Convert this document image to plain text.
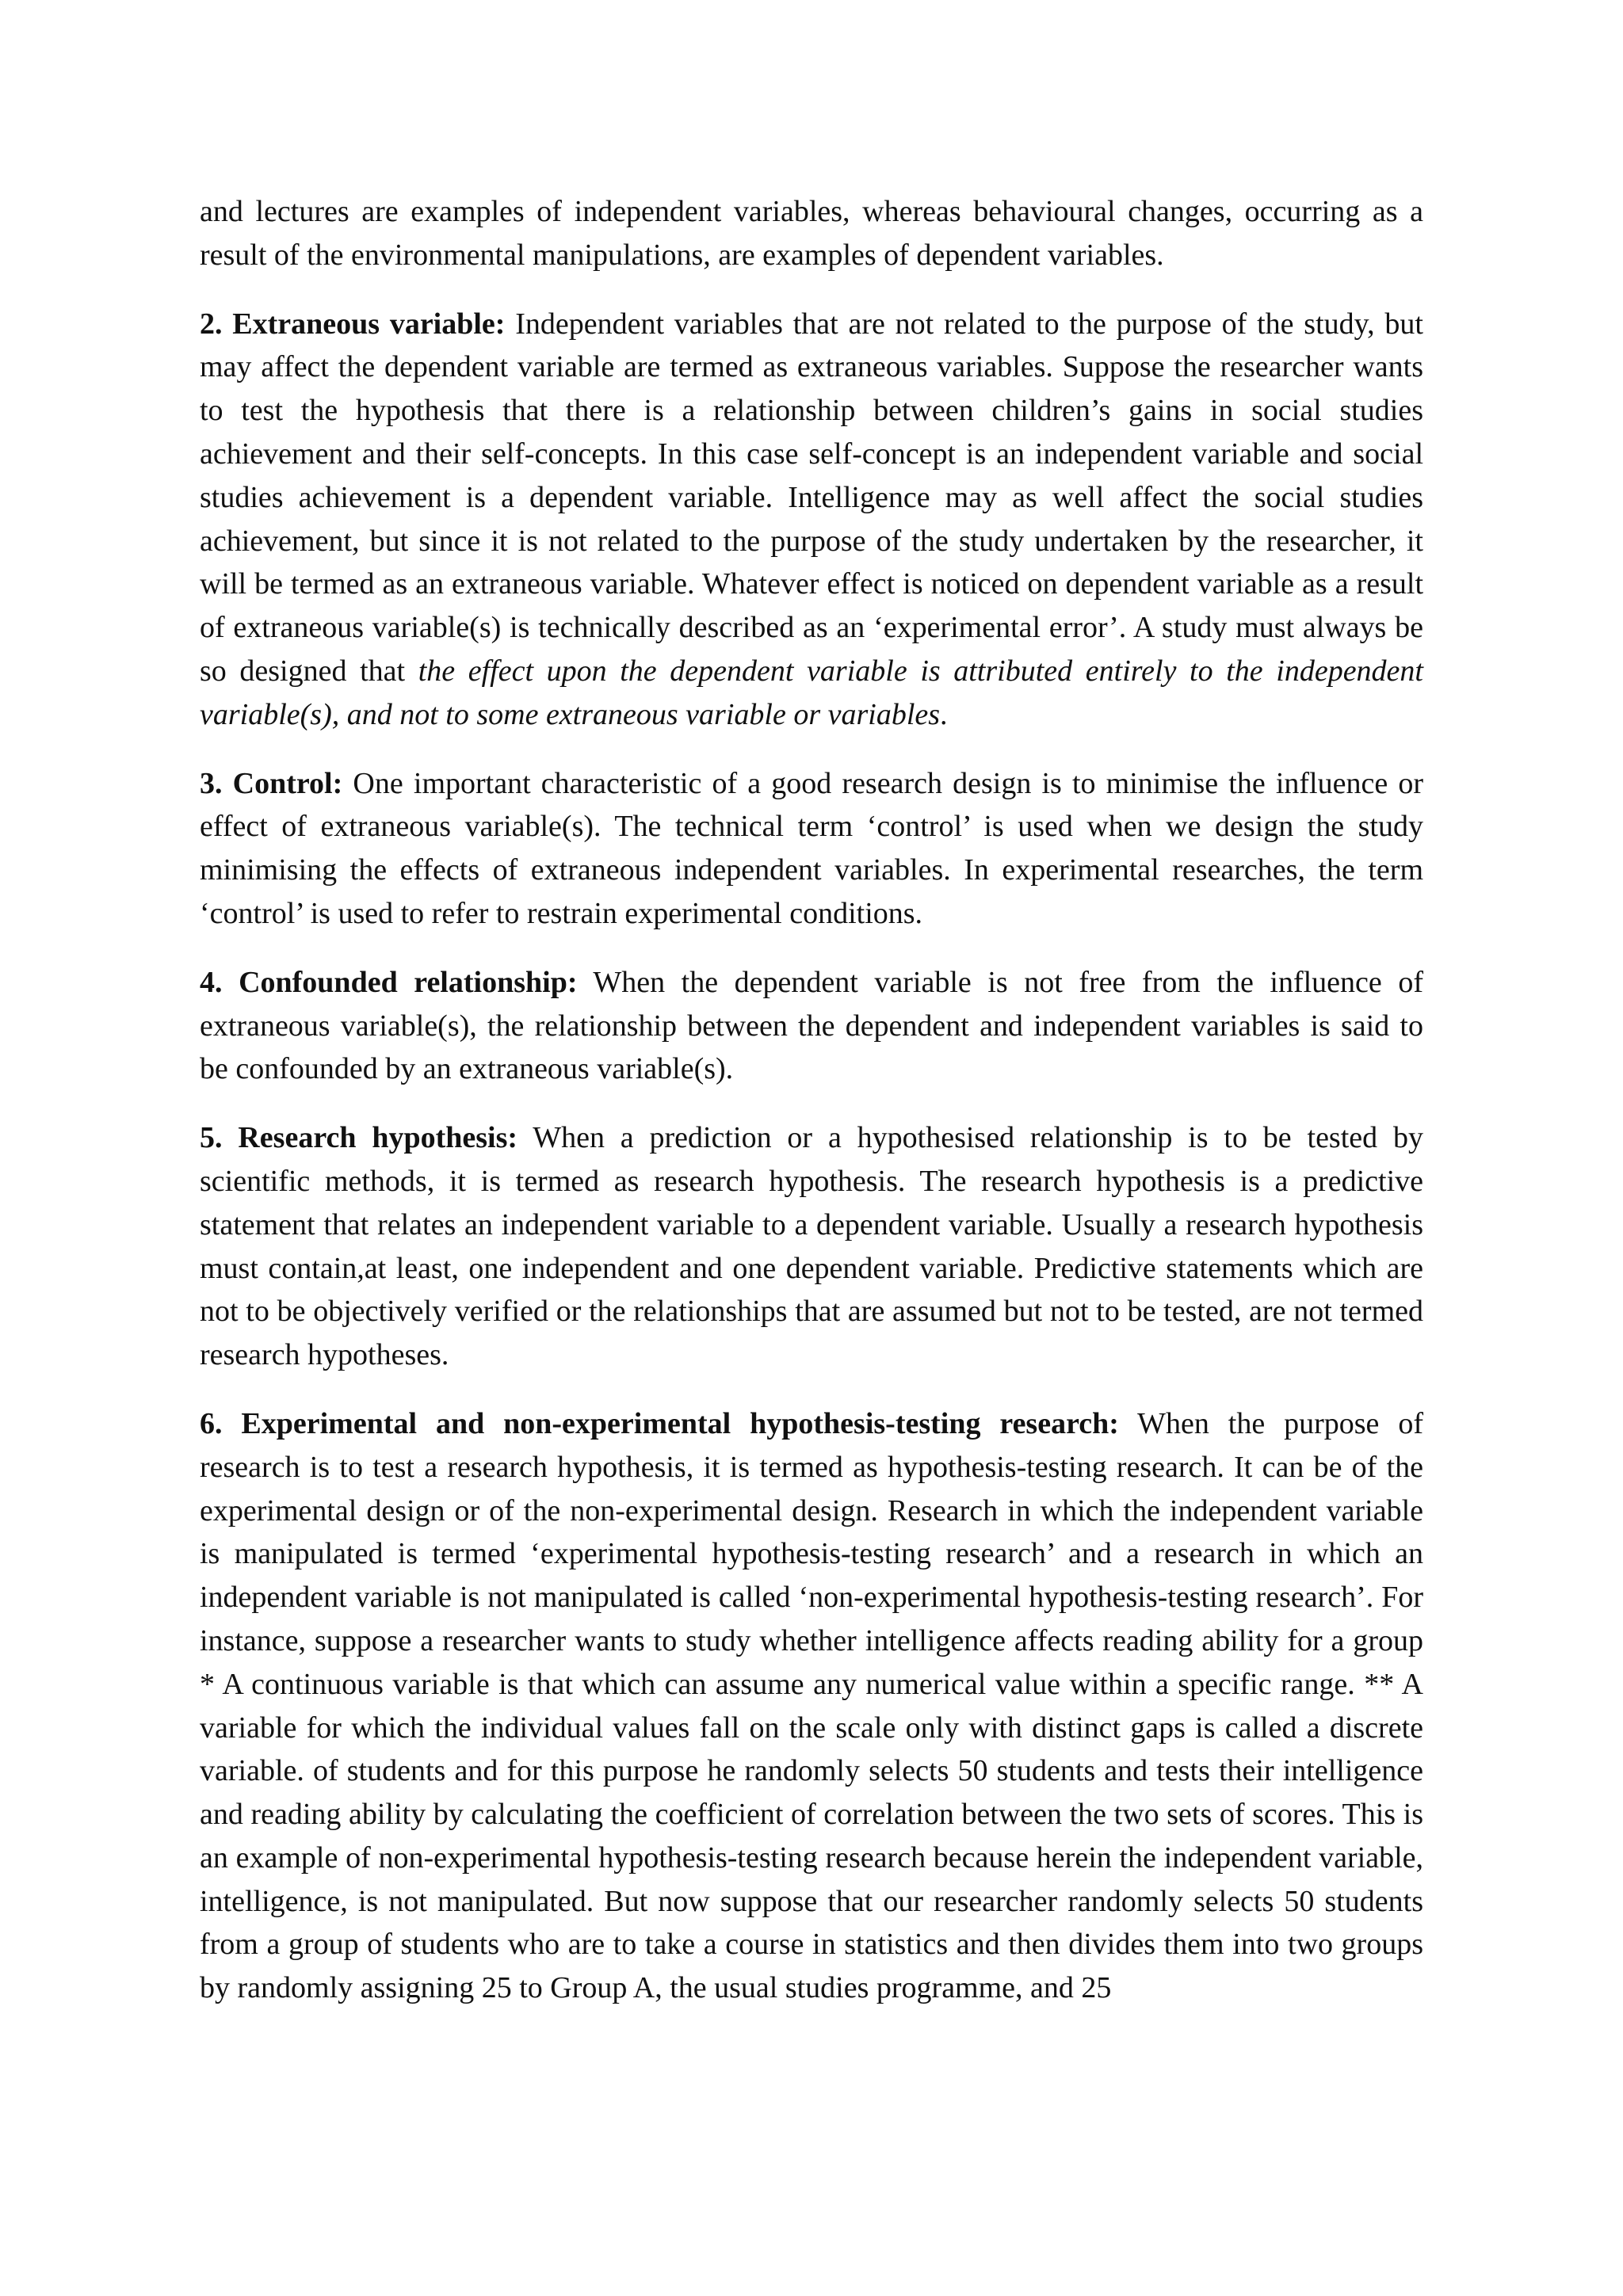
and lectures are examples of independent variables, whereas behavioural changes, occurring as a result of the environmental manipulations, are examples of dependent variables.

2. Extraneous variable: Independent variables that are not related to the purpose of the study, but may affect the dependent variable are termed as extraneous variables. Suppose the researcher wants to test the hypothesis that there is a relationship between children’s gains in social studies achievement and their self-concepts. In this case self-concept is an independent variable and social studies achievement is a dependent variable. Intelligence may as well affect the social studies achievement, but since it is not related to the purpose of the study undertaken by the researcher, it will be termed as an extraneous variable. Whatever effect is noticed on dependent variable as a result of extraneous variable(s) is technically described as an ‘experimental error’. A study must always be so designed that the effect upon the dependent variable is attributed entirely to the independent variable(s), and not to some extraneous variable or variables.

3. Control: One important characteristic of a good research design is to minimise the influence or effect of extraneous variable(s). The technical term ‘control’ is used when we design the study minimising the effects of extraneous independent variables. In experimental researches, the term ‘control’ is used to refer to restrain experimental conditions.

4. Confounded relationship: When the dependent variable is not free from the influence of extraneous variable(s), the relationship between the dependent and independent variables is said to be confounded by an extraneous variable(s).

5. Research hypothesis: When a prediction or a hypothesised relationship is to be tested by scientific methods, it is termed as research hypothesis. The research hypothesis is a predictive statement that relates an independent variable to a dependent variable. Usually a research hypothesis must contain,at least, one independent and one dependent variable. Predictive statements which are not to be objectively verified or the relationships that are assumed but not to be tested, are not termed research hypotheses.

6. Experimental and non-experimental hypothesis-testing research: When the purpose of research is to test a research hypothesis, it is termed as hypothesis-testing research. It can be of the experimental design or of the non-experimental design. Research in which the independent variable is manipulated is termed ‘experimental hypothesis-testing research’ and a research in which an independent variable is not manipulated is called ‘non-experimental hypothesis-testing research’. For instance, suppose a researcher wants to study whether intelligence affects reading ability for a group * A continuous variable is that which can assume any numerical value within a specific range. ** A variable for which the individual values fall on the scale only with distinct gaps is called a discrete variable. of students and for this purpose he randomly selects 50 students and tests their intelligence and reading ability by calculating the coefficient of correlation between the two sets of scores. This is an example of non-experimental hypothesis-testing research because herein the independent variable, intelligence, is not manipulated. But now suppose that our researcher randomly selects 50 students from a group of students who are to take a course in statistics and then divides them into two groups by randomly assigning 25 to Group A, the usual studies programme, and 25
